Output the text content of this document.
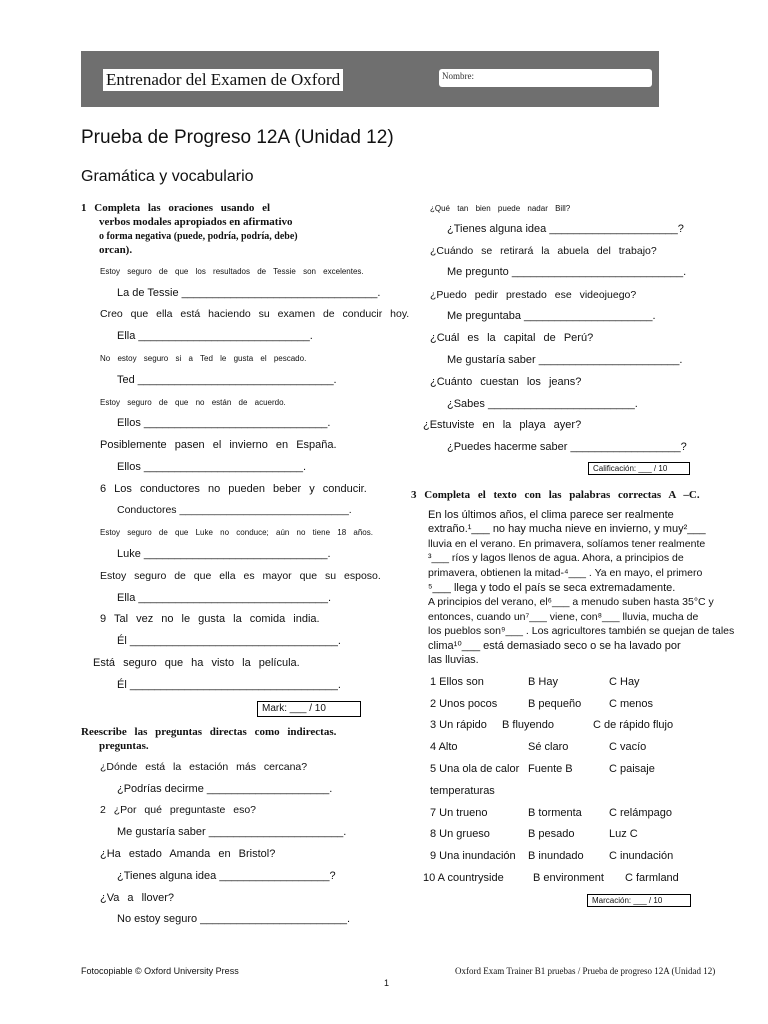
Entrenador del Examen de Oxford	Nombre:
Prueba de Progreso 12A (Unidad 12)
Gramática y vocabulario
1 Completa las oraciones usando el
verbos modales apropiados en afirmativo
o forma negativa (puede, podría, podría, debe)
orcan).
Estoy seguro de que los resultados de Tessie son excelentes.
La de Tessie ________________________________.
Creo que ella está haciendo su examen de conducir hoy.
Ella ____________________________.
No estoy seguro si a Ted le gusta el pescado.
Ted ________________________________.
Estoy seguro de que no están de acuerdo.
Ellos ______________________________.
Posiblemente pasen el invierno en España.
Ellos __________________________.
6 Los conductores no pueden beber y conducir.
Conductores _____________________________.
Estoy seguro de que Luke no conduce; aún no tiene 18 años.
Luke ______________________________.
Estoy seguro de que ella es mayor que su esposo.
Ella _______________________________.
9 Tal vez no le gusta la comida india.
Él __________________________________.
Está seguro que ha visto la película.
Él __________________________________.
Mark: ___ / 10
Reescribe las preguntas directas como indirectas.
preguntas.
¿Dónde está la estación más cercana?
¿Podrías decirme ____________________.
2 ¿Por qué preguntaste eso?
Me gustaría saber ______________________.
¿Ha estado Amanda en Bristol?
¿Tienes alguna idea __________________?
¿Va a llover?
No estoy seguro ________________________.
¿Qué tan bien puede nadar Bill?
¿Tienes alguna idea _____________________?
¿Cuándo se retirará la abuela del trabajo?
Me pregunto ____________________________.
¿Puedo pedir prestado ese videojuego?
Me preguntaba _____________________.
¿Cuál es la capital de Perú?
Me gustaría saber _______________________.
¿Cuánto cuestan los jeans?
¿Sabes ________________________.
¿Estuviste en la playa ayer?
¿Puedes hacerme saber __________________?
Calificación: ___ / 10
3 Completa el texto con las palabras correctas A –C.
En los últimos años, el clima parece ser realmente
extraño.¹___ no hay mucha nieve en invierno, y muy²___
lluvia en el verano. En primavera, solíamos tener realmente
³___ ríos y lagos llenos de agua. Ahora, a principios de
primavera, obtienen la mitad-⁴___ . Ya en mayo, el primero
⁵___ llega y todo el país se seca extremadamente.
A principios del verano, el⁶___ a menudo suben hasta 35°C y
entonces, cuando un⁷___ viene, con⁸___ lluvia, mucha de
los pueblos son⁹___ . Los agricultores también se quejan de tales
clima¹⁰___ está demasiado seco o se ha lavado por
las lluvias.
1 Ellos son	B Hay	C Hay
2 Unos pocos	B pequeño	C menos
3 Un rápido B fluyendo	C de rápido flujo
4 Alto	Sé claro	C vacío
5 Una ola de calor Fuente B	C paisaje
temperaturas
7 Un trueno	B tormenta C relámpago
8 Un grueso	B pesado	Luz C
9 Una inundación B inundado C inundación
10 A countryside	B environment C farmland
Marcación: ___ / 10
Fotocopiable © Oxford University Press	Oxford Exam Trainer B1 pruebas / Prueba de progreso 12A (Unidad 12)
1
